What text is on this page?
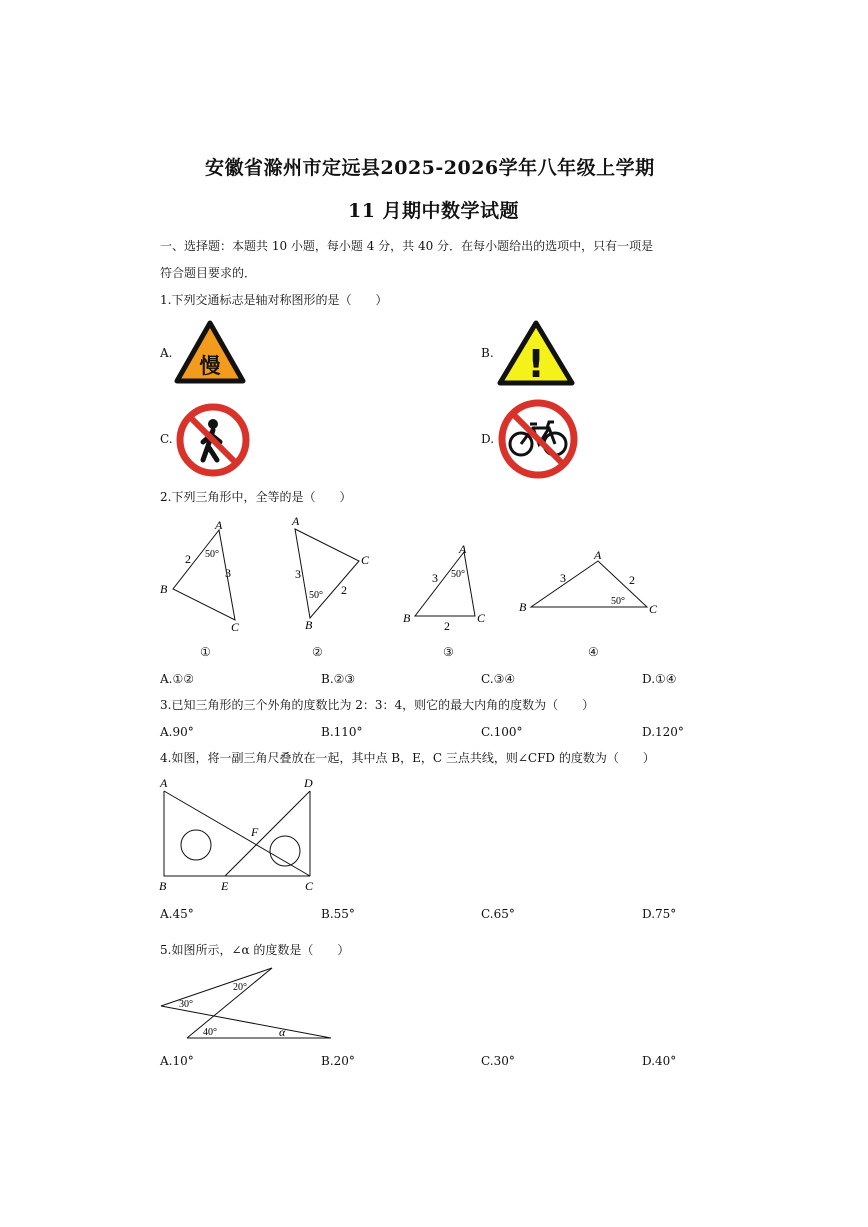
安徽省滁州市定远县2025-2026学年八年级上学期
11 月期中数学试题
一、选择题：本题共 10 小题，每小题 4 分，共 40 分．在每小题给出的选项中，只有一项是
符合题目要求的．
1.下列交通标志是轴对称图形的是（　　）
A.	B.
C.	D.
慢	!
2.下列三角形中，全等的是（　　）
A
B
C
2
3
50°
A
C
B
3
2
50°
A
B	C
3
2
50°
A
B	C
3	2
50°
①	②	③	④
A.①②	B.②③	C.③④	D.①④
3.已知三角形的三个外角的度数比为 2：3：4，则它的最大内角的度数为（　　）
A.90°	B.110°	C.100°	D.120°
4.如图，将一副三角尺叠放在一起，其中点 B，E，C 三点共线，则∠CFD 的度数为（　　）
A	D
F
B	E	C
A.45°	B.55°	C.65°	D.75°
5.如图所示，∠α 的度数是（　　）
30°
20°
40°	α
A.10°	B.20°	C.30°	D.40°
